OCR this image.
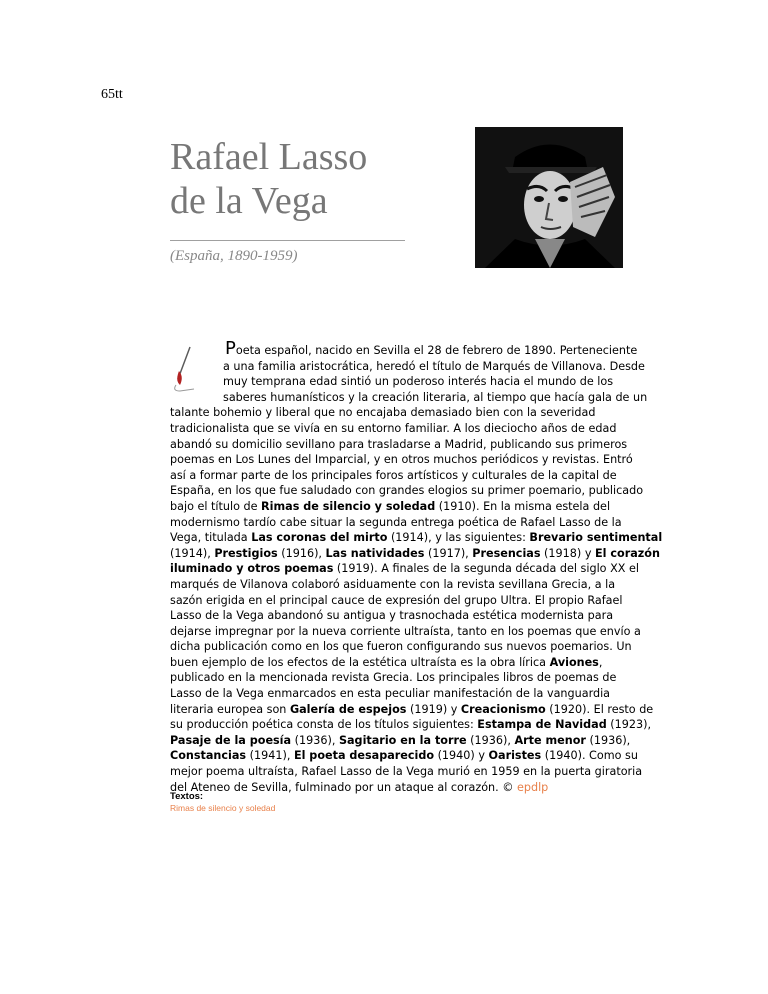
65tt
Rafael Lasso
de la Vega
(España, 1890-1959)
Poeta español, nacido en Sevilla el 28 de febrero de 1890. Perteneciente
a una familia aristocrática, heredó el título de Marqués de Villanova. Desde
muy temprana edad sintió un poderoso interés hacia el mundo de los
saberes humanísticos y la creación literaria, al tiempo que hacía gala de un
talante bohemio y liberal que no encajaba demasiado bien con la severidad
tradicionalista que se vivía en su entorno familiar. A los dieciocho años de edad
abandó su domicilio sevillano para trasladarse a Madrid, publicando sus primeros
poemas en Los Lunes del Imparcial, y en otros muchos periódicos y revistas. Entró
así a formar parte de los principales foros artísticos y culturales de la capital de
España, en los que fue saludado con grandes elogios su primer poemario, publicado
bajo el título de Rimas de silencio y soledad (1910). En la misma estela del
modernismo tardío cabe situar la segunda entrega poética de Rafael Lasso de la
Vega, titulada Las coronas del mirto (1914), y las siguientes: Brevario sentimental
(1914), Prestigios (1916), Las natividades (1917), Presencias (1918) y El corazón
iluminado y otros poemas (1919). A finales de la segunda década del siglo XX el
marqués de Vilanova colaboró asiduamente con la revista sevillana Grecia, a la
sazón erigida en el principal cauce de expresión del grupo Ultra. El propio Rafael
Lasso de la Vega abandonó su antigua y trasnochada estética modernista para
dejarse impregnar por la nueva corriente ultraísta, tanto en los poemas que envío a
dicha publicación como en los que fueron configurando sus nuevos poemarios. Un
buen ejemplo de los efectos de la estética ultraísta es la obra lírica Aviones,
publicado en la mencionada revista Grecia. Los principales libros de poemas de
Lasso de la Vega enmarcados en esta peculiar manifestación de la vanguardia
literaria europea son Galería de espejos (1919) y Creacionismo (1920). El resto de
su producción poética consta de los títulos siguientes: Estampa de Navidad (1923),
Pasaje de la poesía (1936), Sagitario en la torre (1936), Arte menor (1936),
Constancias (1941), El poeta desaparecido (1940) y Oaristes (1940). Como su
mejor poema ultraísta, Rafael Lasso de la Vega murió en 1959 en la puerta giratoria
del Ateneo de Sevilla, fulminado por un ataque al corazón. © epdlp
Textos:
Rimas de silencio y soledad
